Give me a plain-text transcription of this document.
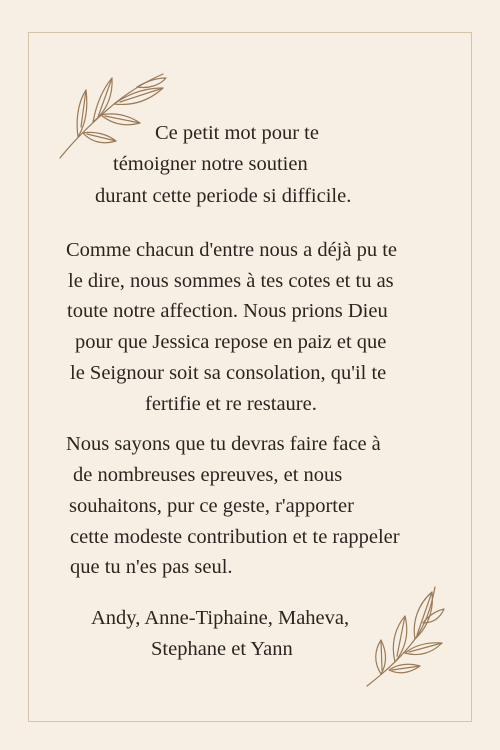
Ce petit mot pour te
témoigner notre soutien
durant cette periode si difficile.
Comme chacun d'entre nous a déjà pu te
le dire, nous sommes à tes cotes et tu as
toute notre affection. Nous prions Dieu
pour que Jessica repose en paiz et que
le Seignour soit sa consolation, qu'il te
fertifie et re restaure.
Nous sayons que tu devras faire face à
de nombreuses epreuves, et nous
souhaitons, pur ce geste, r'apporter
cette modeste contribution et te rappeler
que tu n'es pas seul.
Andy, Anne-Tiphaine, Maheva,
Stephane et Yann
